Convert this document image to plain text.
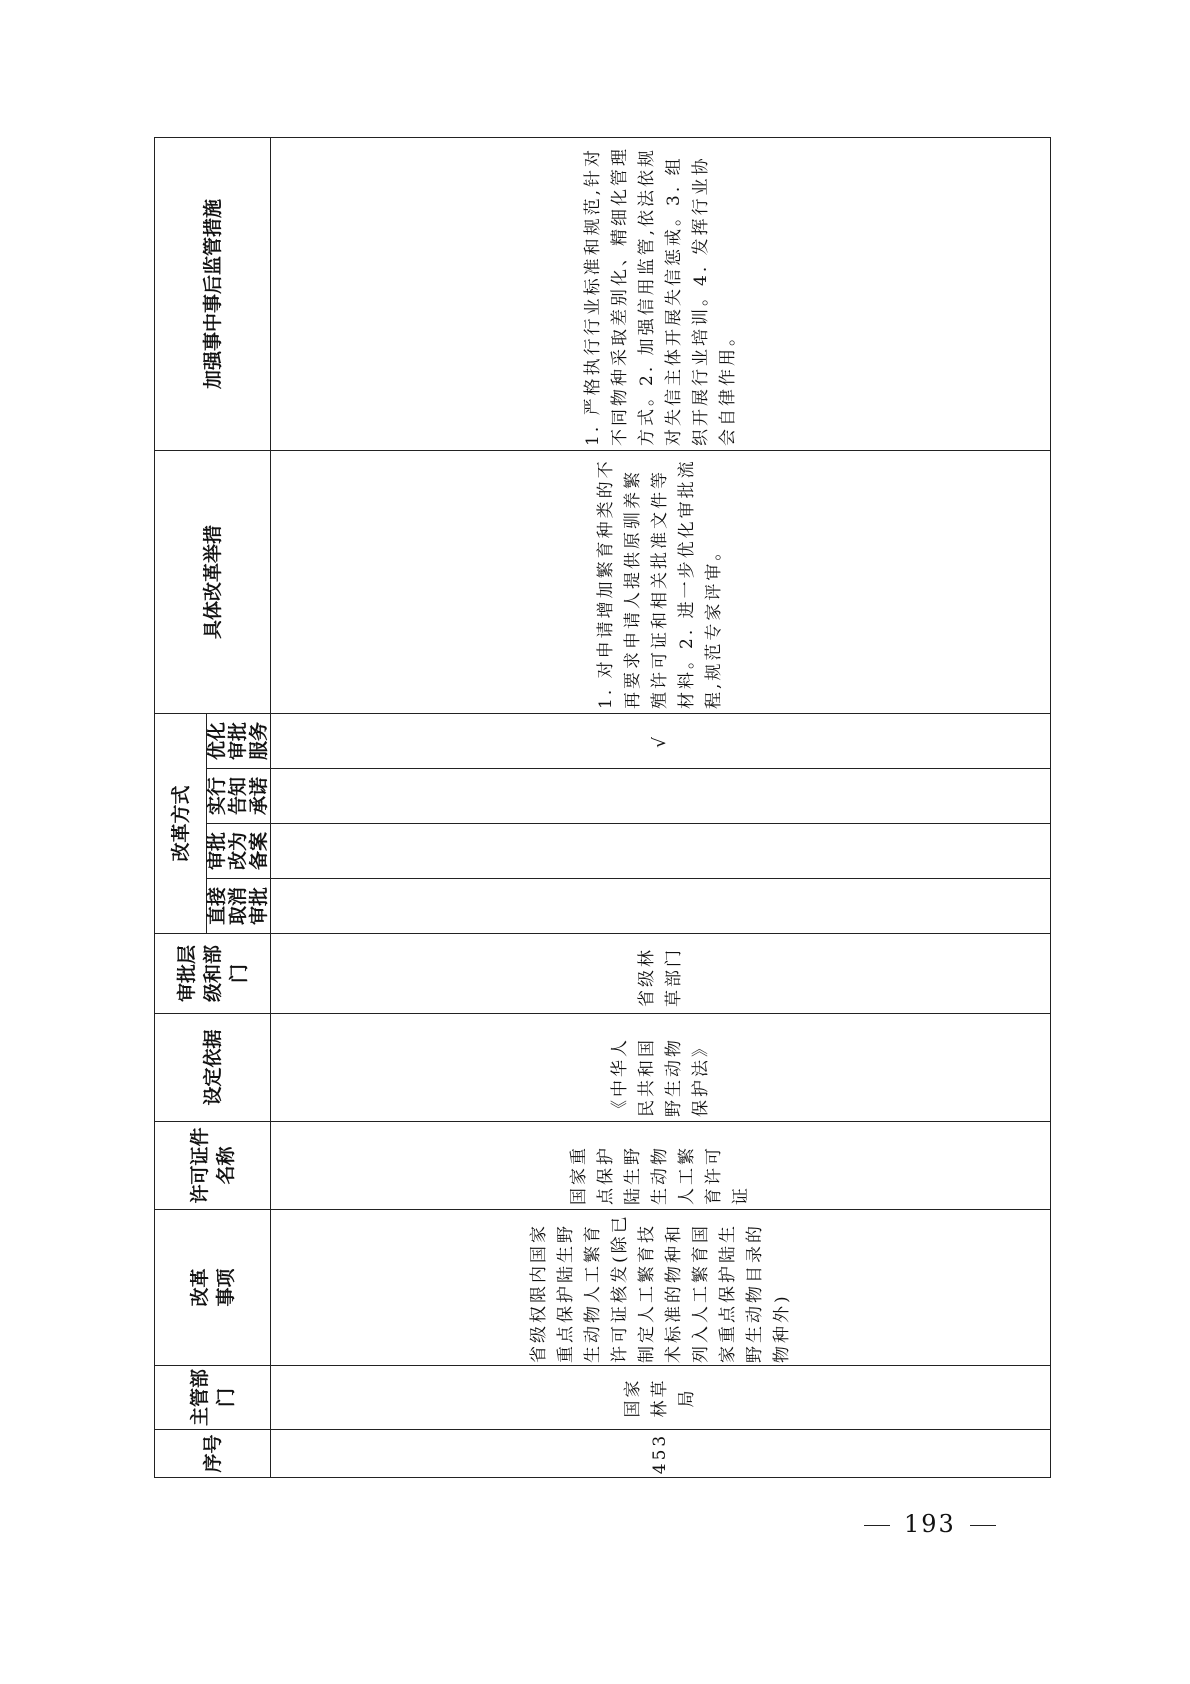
序号	主管部门	改革事项	许可证件名称	设定依据	审批层级和部门	改革方式				具体改革举措	加强事中事后监管措施
						直接取消审批	审批改为备案	实行告知承诺	优化审批服务		
453	国家林草局	省级权限内国家重点保护陆生野生动物人工繁育许可证核发(除已制定人工繁育技术标准的物种和列入人工繁育国家重点保护陆生野生动物目录的物种外)	国家重点保护陆生野生动物人工繁育许可证	《中华人民共和国野生动物保护法》	省级林草部门				√	1. 对申请增加繁育种类的不再要求申请人提供原驯养繁殖许可证和相关批准文件等材料。2. 进一步优化审批流程,规范专家评审。	1. 严格执行行业标准和规范,针对不同物种采取差别化、精细化管理方式。2. 加强信用监管,依法依规对失信主体开展失信惩戒。3. 组织开展行业培训。4. 发挥行业协会自律作用。
193
